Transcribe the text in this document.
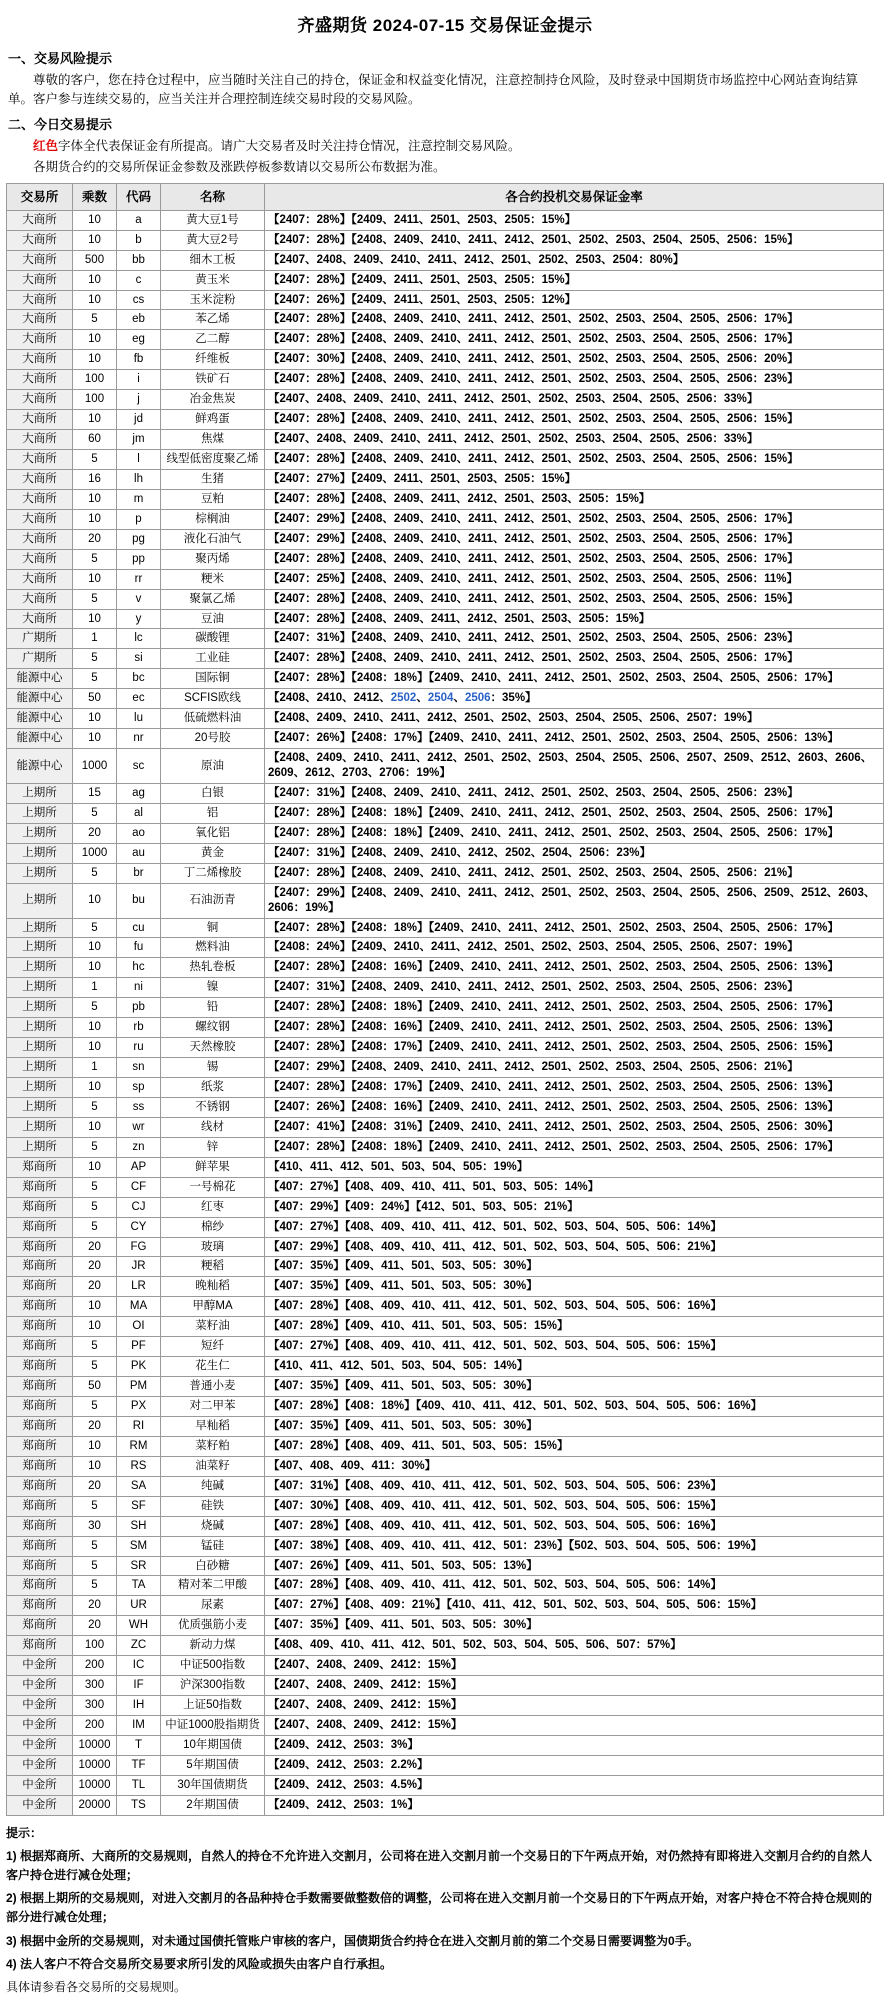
齐盛期货 2024-07-15 交易保证金提示
一、交易风险提示
尊敬的客户，您在持仓过程中，应当随时关注自己的持仓，保证金和权益变化情况，注意控制持仓风险，及时登录中国期货市场监控中心网站查询结算单。客户参与连续交易的，应当关注并合理控制连续交易时段的交易风险。
二、今日交易提示
红色字体全代表保证金有所提高。请广大交易者及时关注持仓情况，注意控制交易风险。
各期货合约的交易所保证金参数及涨跌停板参数请以交易所公布数据为准。
交易所	乘数	代码	名称	各合约投机交易保证金率
大商所	10	a	黄大豆1号	【2407：28%】【2409、2411、2501、2503、2505：15%】
大商所	10	b	黄大豆2号	【2407：28%】【2408、2409、2410、2411、2412、2501、2502、2503、2504、2505、2506：15%】
大商所	500	bb	细木工板	【2407、2408、2409、2410、2411、2412、2501、2502、2503、2504：80%】
大商所	10	c	黄玉米	【2407：28%】【2409、2411、2501、2503、2505：15%】
大商所	10	cs	玉米淀粉	【2407：26%】【2409、2411、2501、2503、2505：12%】
大商所	5	eb	苯乙烯	【2407：28%】【2408、2409、2410、2411、2412、2501、2502、2503、2504、2505、2506：17%】
大商所	10	eg	乙二醇	【2407：28%】【2408、2409、2410、2411、2412、2501、2502、2503、2504、2505、2506：17%】
大商所	10	fb	纤维板	【2407：30%】【2408、2409、2410、2411、2412、2501、2502、2503、2504、2505、2506：20%】
大商所	100	i	铁矿石	【2407：28%】【2408、2409、2410、2411、2412、2501、2502、2503、2504、2505、2506：23%】
大商所	100	j	冶金焦炭	【2407、2408、2409、2410、2411、2412、2501、2502、2503、2504、2505、2506：33%】
大商所	10	jd	鲜鸡蛋	【2407：28%】【2408、2409、2410、2411、2412、2501、2502、2503、2504、2505、2506：15%】
大商所	60	jm	焦煤	【2407、2408、2409、2410、2411、2412、2501、2502、2503、2504、2505、2506：33%】
大商所	5	l	线型低密度聚乙烯	【2407：28%】【2408、2409、2410、2411、2412、2501、2502、2503、2504、2505、2506：15%】
大商所	16	lh	生猪	【2407：27%】【2409、2411、2501、2503、2505：15%】
大商所	10	m	豆粕	【2407：28%】【2408、2409、2411、2412、2501、2503、2505：15%】
大商所	10	p	棕榈油	【2407：29%】【2408、2409、2410、2411、2412、2501、2502、2503、2504、2505、2506：17%】
大商所	20	pg	液化石油气	【2407：29%】【2408、2409、2410、2411、2412、2501、2502、2503、2504、2505、2506：17%】
大商所	5	pp	聚丙烯	【2407：28%】【2408、2409、2410、2411、2412、2501、2502、2503、2504、2505、2506：17%】
大商所	10	rr	粳米	【2407：25%】【2408、2409、2410、2411、2412、2501、2502、2503、2504、2505、2506：11%】
大商所	5	v	聚氯乙烯	【2407：28%】【2408、2409、2410、2411、2412、2501、2502、2503、2504、2505、2506：15%】
大商所	10	y	豆油	【2407：28%】【2408、2409、2411、2412、2501、2503、2505：15%】
广期所	1	lc	碳酸锂	【2407：31%】【2408、2409、2410、2411、2412、2501、2502、2503、2504、2505、2506：23%】
广期所	5	si	工业硅	【2407：28%】【2408、2409、2410、2411、2412、2501、2502、2503、2504、2505、2506：17%】
能源中心	5	bc	国际铜	【2407：28%】【2408：18%】【2409、2410、2411、2412、2501、2502、2503、2504、2505、2506：17%】
能源中心	50	ec	SCFIS欧线	【2408、2410、2412、2502、2504、2506：35%】
能源中心	10	lu	低硫燃料油	【2408、2409、2410、2411、2412、2501、2502、2503、2504、2505、2506、2507：19%】
能源中心	10	nr	20号胶	【2407：26%】【2408：17%】【2409、2410、2411、2412、2501、2502、2503、2504、2505、2506：13%】
能源中心	1000	sc	原油	【2408、2409、2410、2411、2412、2501、2502、2503、2504、2505、2506、2507、2509、2512、2603、2606、2609、2612、2703、2706：19%】
上期所	15	ag	白银	【2407：31%】【2408、2409、2410、2411、2412、2501、2502、2503、2504、2505、2506：23%】
上期所	5	al	铝	【2407：28%】【2408：18%】【2409、2410、2411、2412、2501、2502、2503、2504、2505、2506：17%】
上期所	20	ao	氧化铝	【2407：28%】【2408：18%】【2409、2410、2411、2412、2501、2502、2503、2504、2505、2506：17%】
上期所	1000	au	黄金	【2407：31%】【2408、2409、2410、2412、2502、2504、2506：23%】
上期所	5	br	丁二烯橡胶	【2407：28%】【2408、2409、2410、2411、2412、2501、2502、2503、2504、2505、2506：21%】
上期所	10	bu	石油沥青	【2407：29%】【2408、2409、2410、2411、2412、2501、2502、2503、2504、2505、2506、2509、2512、2603、2606：19%】
上期所	5	cu	铜	【2407：28%】【2408：18%】【2409、2410、2411、2412、2501、2502、2503、2504、2505、2506：17%】
上期所	10	fu	燃料油	【2408：24%】【2409、2410、2411、2412、2501、2502、2503、2504、2505、2506、2507：19%】
上期所	10	hc	热轧卷板	【2407：28%】【2408：16%】【2409、2410、2411、2412、2501、2502、2503、2504、2505、2506：13%】
上期所	1	ni	镍	【2407：31%】【2408、2409、2410、2411、2412、2501、2502、2503、2504、2505、2506：23%】
上期所	5	pb	铅	【2407：28%】【2408：18%】【2409、2410、2411、2412、2501、2502、2503、2504、2505、2506：17%】
上期所	10	rb	螺纹钢	【2407：28%】【2408：16%】【2409、2410、2411、2412、2501、2502、2503、2504、2505、2506：13%】
上期所	10	ru	天然橡胶	【2407：28%】【2408：17%】【2409、2410、2411、2412、2501、2502、2503、2504、2505、2506：15%】
上期所	1	sn	锡	【2407：29%】【2408、2409、2410、2411、2412、2501、2502、2503、2504、2505、2506：21%】
上期所	10	sp	纸浆	【2407：28%】【2408：17%】【2409、2410、2411、2412、2501、2502、2503、2504、2505、2506：13%】
上期所	5	ss	不锈钢	【2407：26%】【2408：16%】【2409、2410、2411、2412、2501、2502、2503、2504、2505、2506：13%】
上期所	10	wr	线材	【2407：41%】【2408：31%】【2409、2410、2411、2412、2501、2502、2503、2504、2505、2506：30%】
上期所	5	zn	锌	【2407：28%】【2408：18%】【2409、2410、2411、2412、2501、2502、2503、2504、2505、2506：17%】
郑商所	10	AP	鲜苹果	【410、411、412、501、503、504、505：19%】
郑商所	5	CF	一号棉花	【407：27%】【408、409、410、411、501、503、505：14%】
郑商所	5	CJ	红枣	【407：29%】【409：24%】【412、501、503、505：21%】
郑商所	5	CY	棉纱	【407：27%】【408、409、410、411、412、501、502、503、504、505、506：14%】
郑商所	20	FG	玻璃	【407：29%】【408、409、410、411、412、501、502、503、504、505、506：21%】
郑商所	20	JR	粳稻	【407：35%】【409、411、501、503、505：30%】
郑商所	20	LR	晚籼稻	【407：35%】【409、411、501、503、505：30%】
郑商所	10	MA	甲醇MA	【407：28%】【408、409、410、411、412、501、502、503、504、505、506：16%】
郑商所	10	OI	菜籽油	【407：28%】【409、410、411、501、503、505：15%】
郑商所	5	PF	短纤	【407：27%】【408、409、410、411、412、501、502、503、504、505、506：15%】
郑商所	5	PK	花生仁	【410、411、412、501、503、504、505：14%】
郑商所	50	PM	普通小麦	【407：35%】【409、411、501、503、505：30%】
郑商所	5	PX	对二甲苯	【407：28%】【408：18%】【409、410、411、412、501、502、503、504、505、506：16%】
郑商所	20	RI	早籼稻	【407：35%】【409、411、501、503、505：30%】
郑商所	10	RM	菜籽粕	【407：28%】【408、409、411、501、503、505：15%】
郑商所	10	RS	油菜籽	【407、408、409、411：30%】
郑商所	20	SA	纯碱	【407：31%】【408、409、410、411、412、501、502、503、504、505、506：23%】
郑商所	5	SF	硅铁	【407：30%】【408、409、410、411、412、501、502、503、504、505、506：15%】
郑商所	30	SH	烧碱	【407：28%】【408、409、410、411、412、501、502、503、504、505、506：16%】
郑商所	5	SM	锰硅	【407：38%】【408、409、410、411、412、501：23%】【502、503、504、505、506：19%】
郑商所	5	SR	白砂糖	【407：26%】【409、411、501、503、505：13%】
郑商所	5	TA	精对苯二甲酸	【407：28%】【408、409、410、411、412、501、502、503、504、505、506：14%】
郑商所	20	UR	尿素	【407：27%】【408、409：21%】【410、411、412、501、502、503、504、505、506：15%】
郑商所	20	WH	优质强筋小麦	【407：35%】【409、411、501、503、505：30%】
郑商所	100	ZC	新动力煤	【408、409、410、411、412、501、502、503、504、505、506、507：57%】
中金所	200	IC	中证500指数	【2407、2408、2409、2412：15%】
中金所	300	IF	沪深300指数	【2407、2408、2409、2412：15%】
中金所	300	IH	上证50指数	【2407、2408、2409、2412：15%】
中金所	200	IM	中证1000股指期货	【2407、2408、2409、2412：15%】
中金所	10000	T	10年期国债	【2409、2412、2503：3%】
中金所	10000	TF	5年期国债	【2409、2412、2503：2.2%】
中金所	10000	TL	30年国债期货	【2409、2412、2503：4.5%】
中金所	20000	TS	2年期国债	【2409、2412、2503：1%】
提示：

1) 根据郑商所、大商所的交易规则，自然人的持仓不允许进入交割月，公司将在进入交割月前一个交易日的下午两点开始，对仍然持有即将进入交割月合约的自然人客户持仓进行减仓处理；

2) 根据上期所的交易规则，对进入交割月的各品种持仓手数需要做整数倍的调整，公司将在进入交割月前一个交易日的下午两点开始，对客户持仓不符合持仓规则的部分进行减仓处理；

3) 根据中金所的交易规则，对未通过国债托管账户审核的客户，国债期货合约持仓在进入交割月前的第二个交易日需要调整为0手。

4) 法人客户不符合交易所交易要求所引发的风险或损失由客户自行承担。

具体请参看各交易所的交易规则。
